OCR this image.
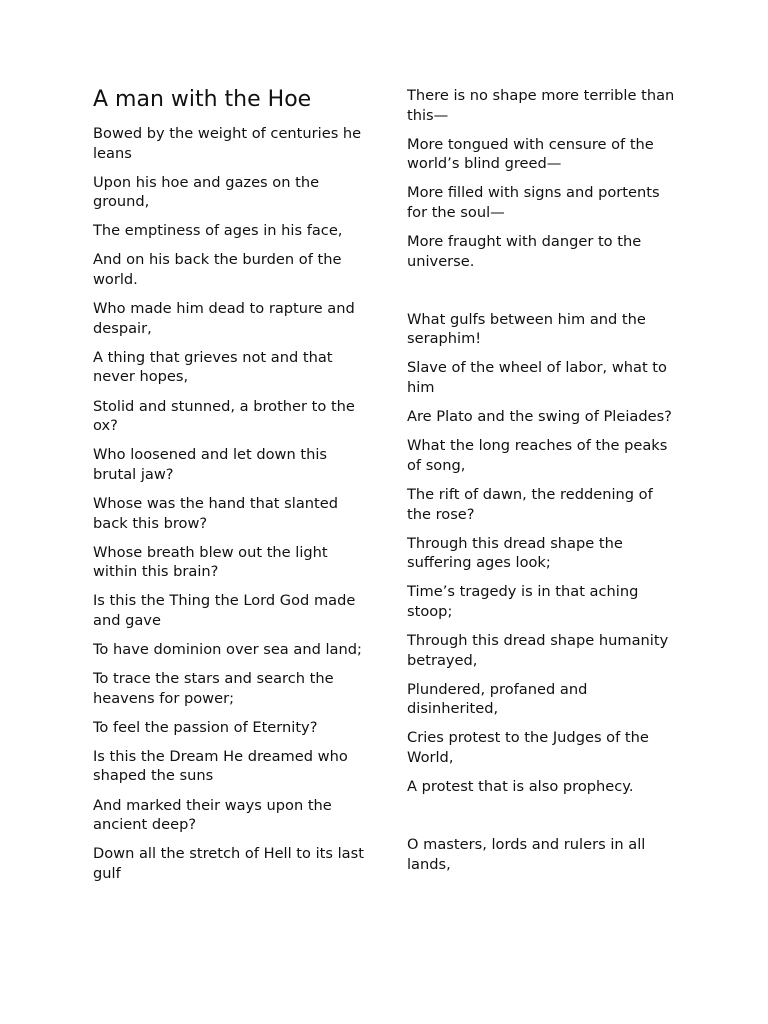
A man with the Hoe

Bowed by the weight of centuries he leans

Upon his hoe and gazes on the ground,

The emptiness of ages in his face,

And on his back the burden of the world.

Who made him dead to rapture and despair,

A thing that grieves not and that never hopes,

Stolid and stunned, a brother to the ox?

Who loosened and let down this brutal jaw?

Whose was the hand that slanted back this brow?

Whose breath blew out the light within this brain?

Is this the Thing the Lord God made and gave

To have dominion over sea and land;

To trace the stars and search the heavens for power;

To feel the passion of Eternity?

Is this the Dream He dreamed who shaped the suns

And marked their ways upon the ancient deep?

Down all the stretch of Hell to its last gulf

There is no shape more terrible than this—

More tongued with censure of the world’s blind greed—

More filled with signs and portents for the soul—

More fraught with danger to the universe.

What gulfs between him and the seraphim!

Slave of the wheel of labor, what to him

Are Plato and the swing of Pleiades?

What the long reaches of the peaks of song,

The rift of dawn, the reddening of the rose?

Through this dread shape the suffering ages look;

Time’s tragedy is in that aching stoop;

Through this dread shape humanity betrayed,

Plundered, profaned and disinherited,

Cries protest to the Judges of the World,

A protest that is also prophecy.

O masters, lords and rulers in all lands,
